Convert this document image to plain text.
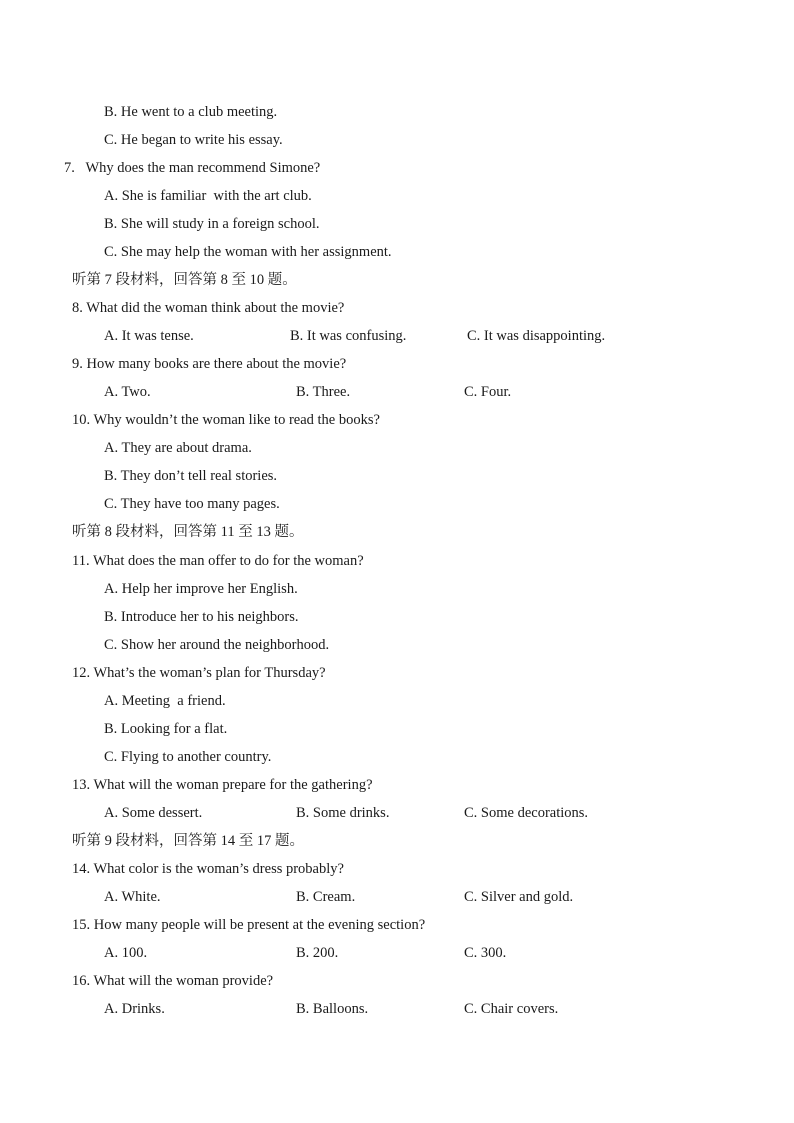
B. He went to a club meeting.
C. He began to write his essay.
7.   Why does the man recommend Simone?
A. She is familiar  with the art club.
B. She will study in a foreign school.
C. She may help the woman with her assignment.
听第 7 段材料，回答第 8 至 10 题。
8. What did the woman think about the movie?
A. It was tense.	B. It was confusing.	C. It was disappointing.
9. How many books are there about the movie?
A. Two.	B. Three.	C. Four.
10. Why wouldn’t the woman like to read the books?
A. They are about drama.
B. They don’t tell real stories.
C. They have too many pages.
听第 8 段材料，回答第 11 至 13 题。
11. What does the man offer to do for the woman?
A. Help her improve her English.
B. Introduce her to his neighbors.
C. Show her around the neighborhood.
12. What’s the woman’s plan for Thursday?
A. Meeting  a friend.
B. Looking for a flat.
C. Flying to another country.
13. What will the woman prepare for the gathering?
A. Some dessert.	B. Some drinks.	C. Some decorations.
听第 9 段材料，回答第 14 至 17 题。
14. What color is the woman’s dress probably?
A. White.	B. Cream.	C. Silver and gold.
15. How many people will be present at the evening section?
A. 100.	B. 200.	C. 300.
16. What will the woman provide?
A. Drinks.	B. Balloons.	C. Chair covers.
